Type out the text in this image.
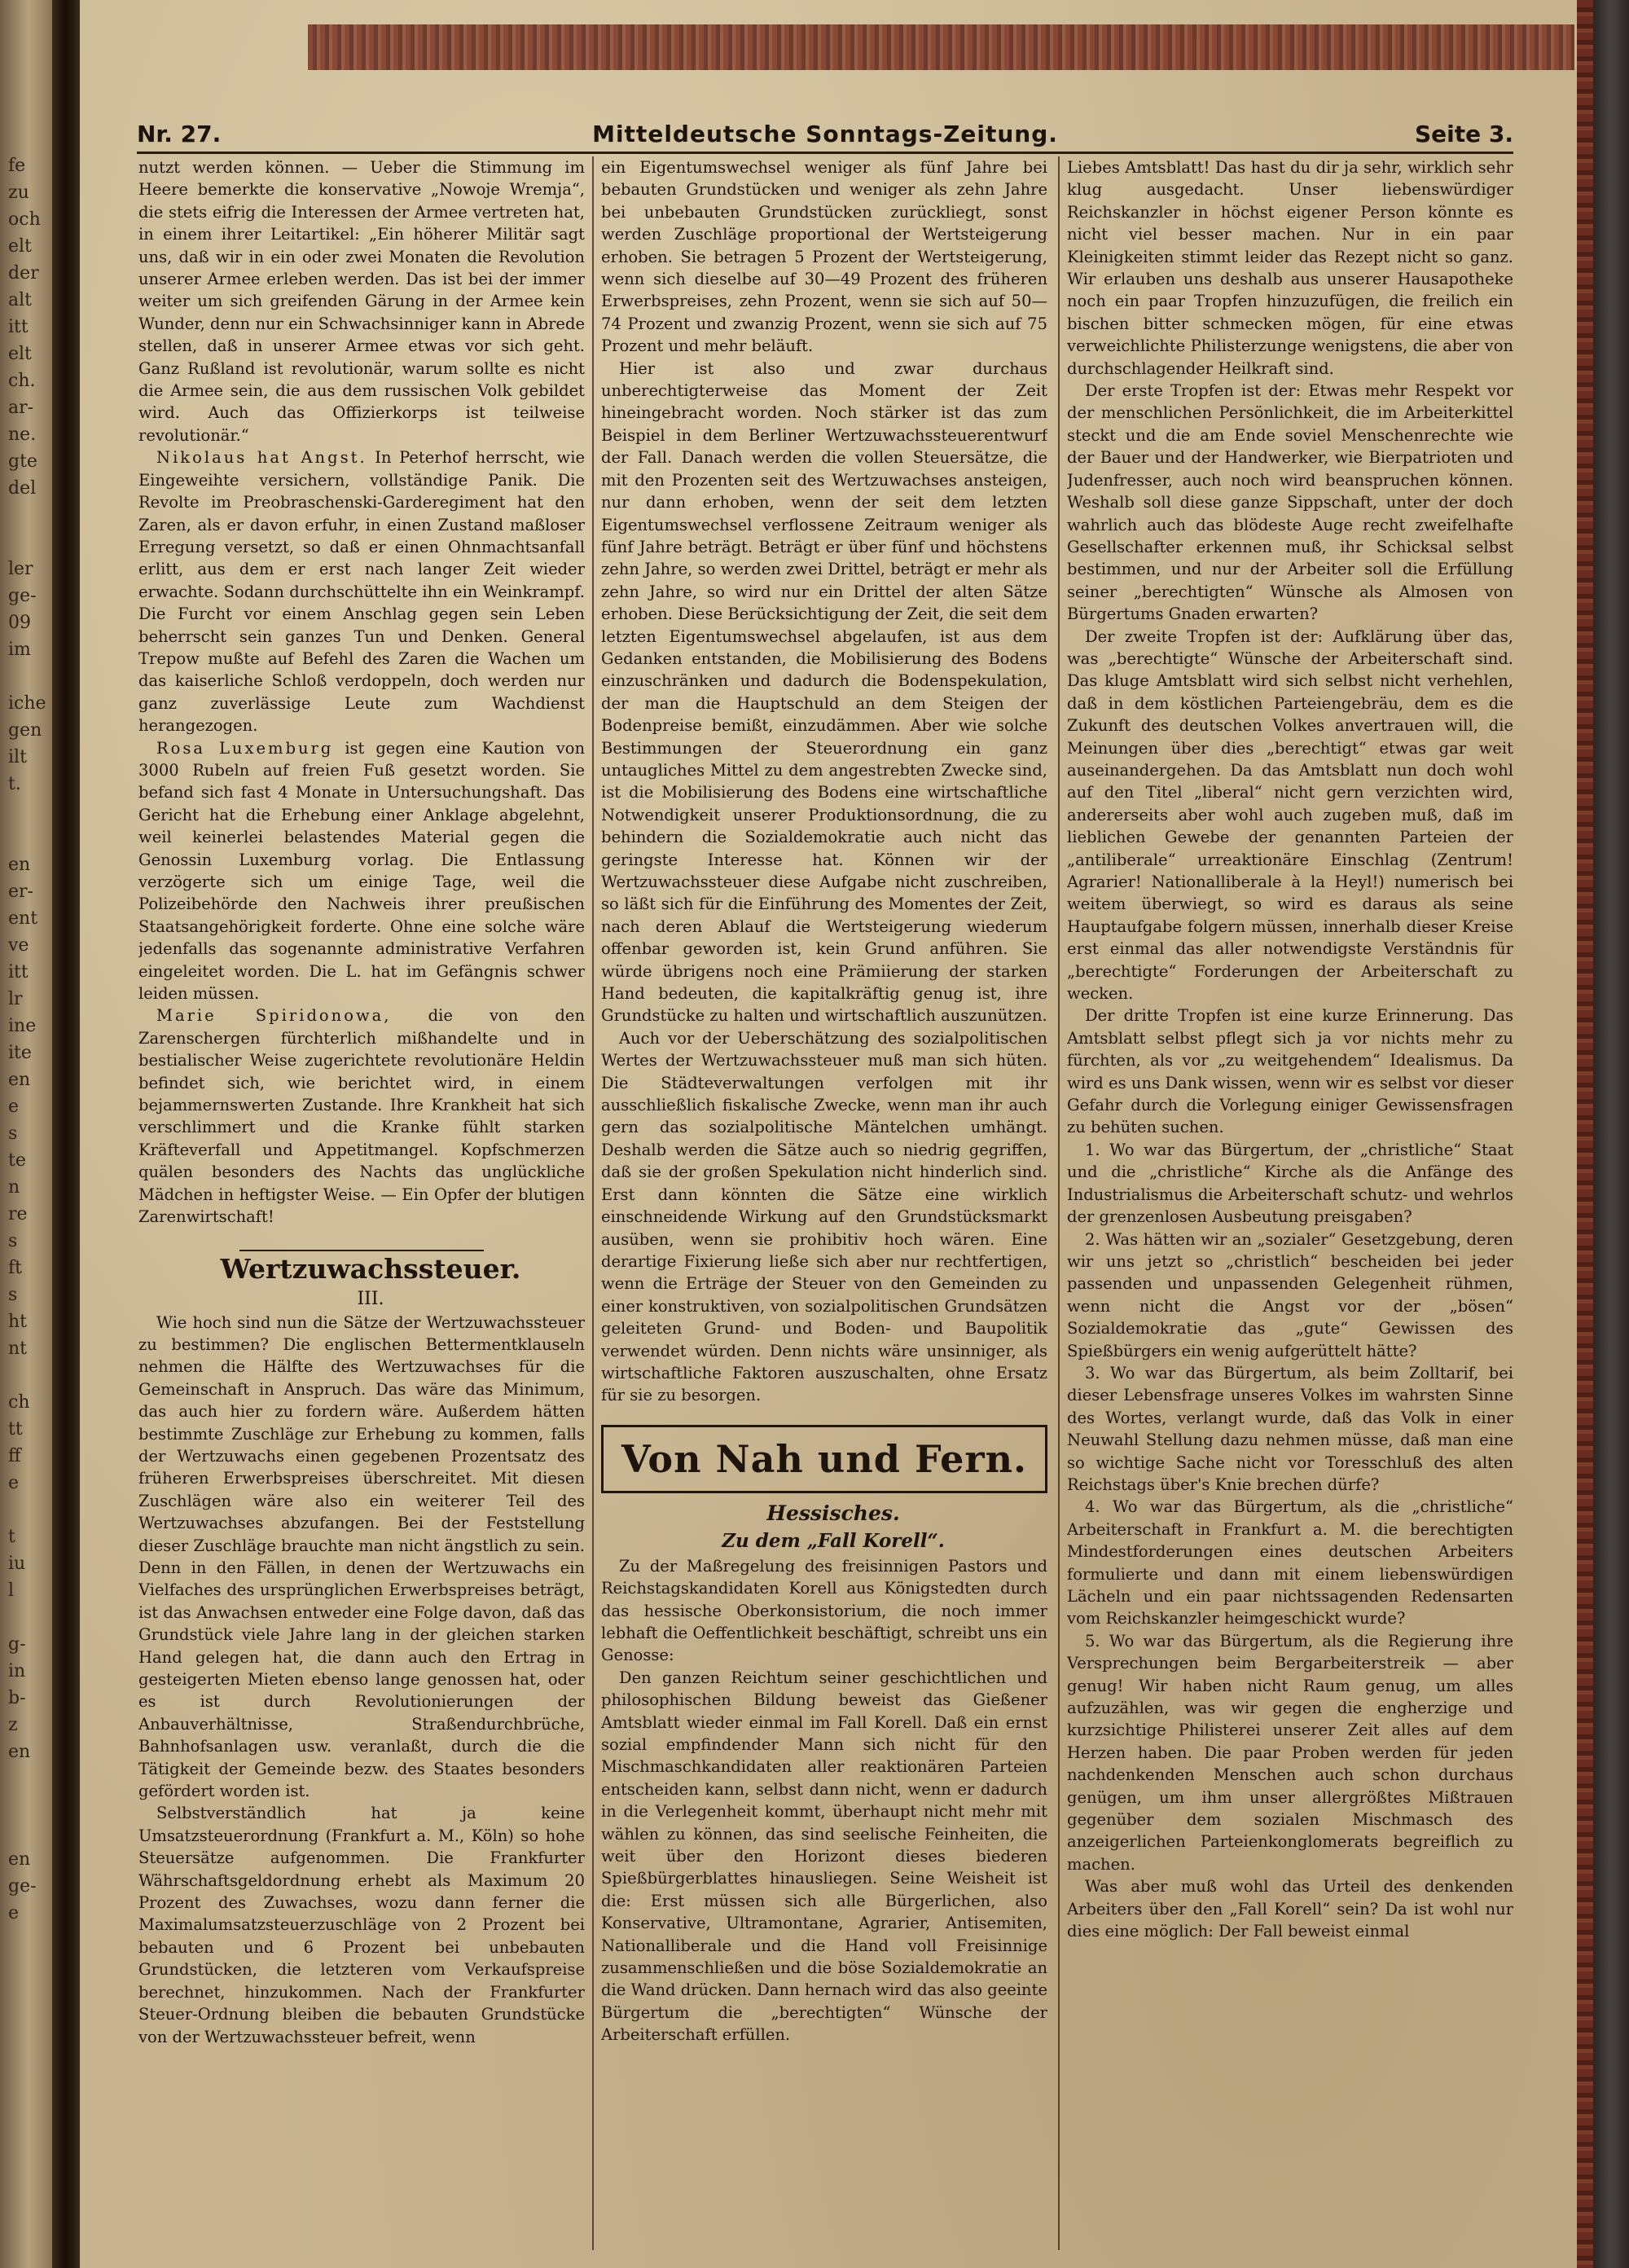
fe
zu
och
elt
der
alt
itt
elt
ch.
ar-
ne.
gte
del
ler
ge-
09
im
iche
gen
ilt
t.
en
er-
ent
ve
itt
lr
ine
ite
en
e
s
te
n
re
s
ft
s
ht
nt
ch
tt
ff
e
t
iu
l
g-
in
b-
z
en
en
ge-
e
Nr. 27.	Mitteldeutsche Sonntags-Zeitung.	Seite 3.

nutzt werden können. — Ueber die Stimmung im Heere bemerkte die konservative „Nowoje Wremja“, die stets eifrig die Interessen der Armee vertreten hat, in einem ihrer Leitartikel: „Ein höherer Militär sagt uns, daß wir in ein oder zwei Monaten die Revolution unserer Armee erleben werden. Das ist bei der immer weiter um sich greifenden Gärung in der Armee kein Wunder, denn nur ein Schwachsinniger kann in Abrede stellen, daß in unserer Armee etwas vor sich geht. Ganz Rußland ist revolutionär, warum sollte es nicht die Armee sein, die aus dem russischen Volk gebildet wird. Auch das Offizierkorps ist teilweise revolutionär.“

Nikolaus hat Angst. In Peterhof herrscht, wie Eingeweihte versichern, vollständige Panik. Die Revolte im Preobraschenski-Garderegiment hat den Zaren, als er davon erfuhr, in einen Zustand maßloser Erregung versetzt, so daß er einen Ohnmachtsanfall erlitt, aus dem er erst nach langer Zeit wieder erwachte. Sodann durchschüttelte ihn ein Weinkrampf. Die Furcht vor einem Anschlag gegen sein Leben beherrscht sein ganzes Tun und Denken. General Trepow mußte auf Befehl des Zaren die Wachen um das kaiserliche Schloß verdoppeln, doch werden nur ganz zuverlässige Leute zum Wachdienst herangezogen.

Rosa Luxemburg ist gegen eine Kaution von 3000 Rubeln auf freien Fuß gesetzt worden. Sie befand sich fast 4 Monate in Untersuchungshaft. Das Gericht hat die Erhebung einer Anklage abgelehnt, weil keinerlei belastendes Material gegen die Genossin Luxemburg vorlag. Die Entlassung verzögerte sich um einige Tage, weil die Polizeibehörde den Nachweis ihrer preußischen Staatsangehörigkeit forderte. Ohne eine solche wäre jedenfalls das sogenannte administrative Verfahren eingeleitet worden. Die L. hat im Gefängnis schwer leiden müssen.

Marie Spiridonowa, die von den Zarenschergen fürchterlich mißhandelte und in bestialischer Weise zugerichtete revolutionäre Heldin befindet sich, wie berichtet wird, in einem bejammernswerten Zustande. Ihre Krankheit hat sich verschlimmert und die Kranke fühlt starken Kräfteverfall und Appetitmangel. Kopfschmerzen quälen besonders des Nachts das unglückliche Mädchen in heftigster Weise. — Ein Opfer der blutigen Zarenwirtschaft!

Wertzuwachssteuer.

III.

Wie hoch sind nun die Sätze der Wertzuwachssteuer zu bestimmen? Die englischen Bettermentklauseln nehmen die Hälfte des Wertzuwachses für die Gemeinschaft in Anspruch. Das wäre das Minimum, das auch hier zu fordern wäre. Außerdem hätten bestimmte Zuschläge zur Erhebung zu kommen, falls der Wertzuwachs einen gegebenen Prozentsatz des früheren Erwerbspreises überschreitet. Mit diesen Zuschlägen wäre also ein weiterer Teil des Wertzuwachses abzufangen. Bei der Feststellung dieser Zuschläge brauchte man nicht ängstlich zu sein. Denn in den Fällen, in denen der Wertzuwachs ein Vielfaches des ursprünglichen Erwerbspreises beträgt, ist das Anwachsen entweder eine Folge davon, daß das Grundstück viele Jahre lang in der gleichen starken Hand gelegen hat, die dann auch den Ertrag in gesteigerten Mieten ebenso lange genossen hat, oder es ist durch Revolutionierungen der Anbauverhältnisse, Straßendurchbrüche, Bahnhofsanlagen usw. veranlaßt, durch die die Tätigkeit der Gemeinde bezw. des Staates besonders gefördert worden ist.

Selbstverständlich hat ja keine Umsatzsteuerordnung (Frankfurt a. M., Köln) so hohe Steuersätze aufgenommen. Die Frankfurter Währschaftsgeldordnung erhebt als Maximum 20 Prozent des Zuwachses, wozu dann ferner die Maximalumsatzsteuerzuschläge von 2 Prozent bei bebauten und 6 Prozent bei unbebauten Grundstücken, die letzteren vom Verkaufspreise berechnet, hinzukommen. Nach der Frankfurter Steuer-Ordnung bleiben die bebauten Grundstücke von der Wertzuwachssteuer befreit, wenn

ein Eigentumswechsel weniger als fünf Jahre bei bebauten Grundstücken und weniger als zehn Jahre bei unbebauten Grundstücken zurückliegt, sonst werden Zuschläge proportional der Wertsteigerung erhoben. Sie betragen 5 Prozent der Wertsteigerung, wenn sich dieselbe auf 30—49 Prozent des früheren Erwerbspreises, zehn Prozent, wenn sie sich auf 50—74 Prozent und zwanzig Prozent, wenn sie sich auf 75 Prozent und mehr beläuft.

Hier ist also und zwar durchaus unberechtigterweise das Moment der Zeit hineingebracht worden. Noch stärker ist das zum Beispiel in dem Berliner Wertzuwachssteuerentwurf der Fall. Danach werden die vollen Steuersätze, die mit den Prozenten seit des Wertzuwachses ansteigen, nur dann erhoben, wenn der seit dem letzten Eigentumswechsel verflossene Zeitraum weniger als fünf Jahre beträgt. Beträgt er über fünf und höchstens zehn Jahre, so werden zwei Drittel, beträgt er mehr als zehn Jahre, so wird nur ein Drittel der alten Sätze erhoben. Diese Berücksichtigung der Zeit, die seit dem letzten Eigentumswechsel abgelaufen, ist aus dem Gedanken entstanden, die Mobilisierung des Bodens einzuschränken und dadurch die Bodenspekulation, der man die Hauptschuld an dem Steigen der Bodenpreise bemißt, einzudämmen. Aber wie solche Bestimmungen der Steuerordnung ein ganz untaugliches Mittel zu dem angestrebten Zwecke sind, ist die Mobilisierung des Bodens eine wirtschaftliche Notwendigkeit unserer Produktionsordnung, die zu behindern die Sozialdemokratie auch nicht das geringste Interesse hat. Können wir der Wertzuwachssteuer diese Aufgabe nicht zuschreiben, so läßt sich für die Einführung des Momentes der Zeit, nach deren Ablauf die Wertsteigerung wiederum offenbar geworden ist, kein Grund anführen. Sie würde übrigens noch eine Prämiierung der starken Hand bedeuten, die kapitalkräftig genug ist, ihre Grundstücke zu halten und wirtschaftlich auszunützen.

Auch vor der Ueberschätzung des sozialpolitischen Wertes der Wertzuwachssteuer muß man sich hüten. Die Städteverwaltungen verfolgen mit ihr ausschließlich fiskalische Zwecke, wenn man ihr auch gern das sozialpolitische Mäntelchen umhängt. Deshalb werden die Sätze auch so niedrig gegriffen, daß sie der großen Spekulation nicht hinderlich sind. Erst dann könnten die Sätze eine wirklich einschneidende Wirkung auf den Grundstücksmarkt ausüben, wenn sie prohibitiv hoch wären. Eine derartige Fixierung ließe sich aber nur rechtfertigen, wenn die Erträge der Steuer von den Gemeinden zu einer konstruktiven, von sozialpolitischen Grundsätzen geleiteten Grund- und Boden- und Baupolitik verwendet würden. Denn nichts wäre unsinniger, als wirtschaftliche Faktoren auszuschalten, ohne Ersatz für sie zu besorgen.

Von Nah und Fern.

Hessisches.

Zu dem „Fall Korell“.

Zu der Maßregelung des freisinnigen Pastors und Reichstagskandidaten Korell aus Königstedten durch das hessische Oberkonsistorium, die noch immer lebhaft die Oeffentlichkeit beschäftigt, schreibt uns ein Genosse:

Den ganzen Reichtum seiner geschichtlichen und philosophischen Bildung beweist das Gießener Amtsblatt wieder einmal im Fall Korell. Daß ein ernst sozial empfindender Mann sich nicht für den Mischmaschkandidaten aller reaktionären Parteien entscheiden kann, selbst dann nicht, wenn er dadurch in die Verlegenheit kommt, überhaupt nicht mehr mit wählen zu können, das sind seelische Feinheiten, die weit über den Horizont dieses biederen Spießbürgerblattes hinausliegen. Seine Weisheit ist die: Erst müssen sich alle Bürgerlichen, also Konservative, Ultramontane, Agrarier, Antisemiten, Nationalliberale und die Hand voll Freisinnige zusammenschließen und die böse Sozialdemokratie an die Wand drücken. Dann hernach wird das also geeinte Bürgertum die „berechtigten“ Wünsche der Arbeiterschaft erfüllen.

Liebes Amtsblatt! Das hast du dir ja sehr, wirklich sehr klug ausgedacht. Unser liebenswürdiger Reichskanzler in höchst eigener Person könnte es nicht viel besser machen. Nur in ein paar Kleinigkeiten stimmt leider das Rezept nicht so ganz. Wir erlauben uns deshalb aus unserer Hausapotheke noch ein paar Tropfen hinzuzufügen, die freilich ein bischen bitter schmecken mögen, für eine etwas verweichlichte Philisterzunge wenigstens, die aber von durchschlagender Heilkraft sind.

Der erste Tropfen ist der: Etwas mehr Respekt vor der menschlichen Persönlichkeit, die im Arbeiterkittel steckt und die am Ende soviel Menschenrechte wie der Bauer und der Handwerker, wie Bierpatrioten und Judenfresser, auch noch wird beanspruchen können. Weshalb soll diese ganze Sippschaft, unter der doch wahrlich auch das blödeste Auge recht zweifelhafte Gesellschafter erkennen muß, ihr Schicksal selbst bestimmen, und nur der Arbeiter soll die Erfüllung seiner „berechtigten“ Wünsche als Almosen von Bürgertums Gnaden erwarten?

Der zweite Tropfen ist der: Aufklärung über das, was „berechtigte“ Wünsche der Arbeiterschaft sind. Das kluge Amtsblatt wird sich selbst nicht verhehlen, daß in dem köstlichen Parteiengebräu, dem es die Zukunft des deutschen Volkes anvertrauen will, die Meinungen über dies „berechtigt“ etwas gar weit auseinandergehen. Da das Amtsblatt nun doch wohl auf den Titel „liberal“ nicht gern verzichten wird, andererseits aber wohl auch zugeben muß, daß im lieblichen Gewebe der genannten Parteien der „antiliberale“ urreaktionäre Einschlag (Zentrum! Agrarier! Nationalliberale à la Heyl!) numerisch bei weitem überwiegt, so wird es daraus als seine Hauptaufgabe folgern müssen, innerhalb dieser Kreise erst einmal das aller notwendigste Verständnis für „berechtigte“ Forderungen der Arbeiterschaft zu wecken.

Der dritte Tropfen ist eine kurze Erinnerung. Das Amtsblatt selbst pflegt sich ja vor nichts mehr zu fürchten, als vor „zu weitgehendem“ Idealismus. Da wird es uns Dank wissen, wenn wir es selbst vor dieser Gefahr durch die Vorlegung einiger Gewissensfragen zu behüten suchen.

1. Wo war das Bürgertum, der „christliche“ Staat und die „christliche“ Kirche als die Anfänge des Industrialismus die Arbeiterschaft schutz- und wehrlos der grenzenlosen Ausbeutung preisgaben?

2. Was hätten wir an „sozialer“ Gesetzgebung, deren wir uns jetzt so „christlich“ bescheiden bei jeder passenden und unpassenden Gelegenheit rühmen, wenn nicht die Angst vor der „bösen“ Sozialdemokratie das „gute“ Gewissen des Spießbürgers ein wenig aufgerüttelt hätte?

3. Wo war das Bürgertum, als beim Zolltarif, bei dieser Lebensfrage unseres Volkes im wahrsten Sinne des Wortes, verlangt wurde, daß das Volk in einer Neuwahl Stellung dazu nehmen müsse, daß man eine so wichtige Sache nicht vor Toresschluß des alten Reichstags über's Knie brechen dürfe?

4. Wo war das Bürgertum, als die „christliche“ Arbeiterschaft in Frankfurt a. M. die berechtigten Mindestforderungen eines deutschen Arbeiters formulierte und dann mit einem liebenswürdigen Lächeln und ein paar nichtssagenden Redensarten vom Reichskanzler heimgeschickt wurde?

5. Wo war das Bürgertum, als die Regierung ihre Versprechungen beim Bergarbeiterstreik — aber genug! Wir haben nicht Raum genug, um alles aufzuzählen, was wir gegen die engherzige und kurzsichtige Philisterei unserer Zeit alles auf dem Herzen haben. Die paar Proben werden für jeden nachdenkenden Menschen auch schon durchaus genügen, um ihm unser allergrößtes Mißtrauen gegenüber dem sozialen Mischmasch des anzeigerlichen Parteienkonglomerats begreiflich zu machen.

Was aber muß wohl das Urteil des denkenden Arbeiters über den „Fall Korell“ sein? Da ist wohl nur dies eine möglich: Der Fall beweist einmal
